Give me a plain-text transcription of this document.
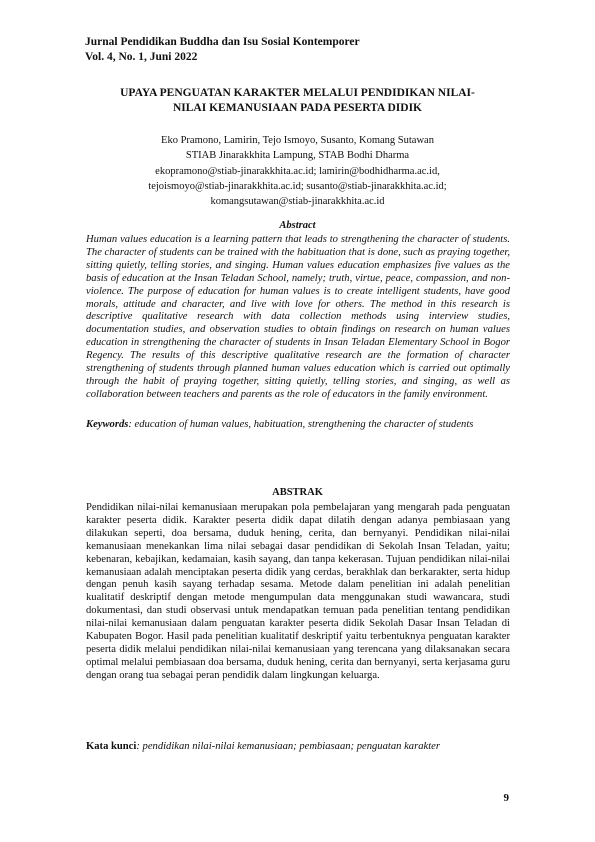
Jurnal Pendidikan Buddha dan Isu Sosial Kontemporer
Vol. 4, No. 1, Juni 2022
UPAYA PENGUATAN KARAKTER MELALUI PENDIDIKAN NILAI-
NILAI KEMANUSIAAN PADA PESERTA DIDIK
Eko Pramono, Lamirin, Tejo Ismoyo, Susanto, Komang Sutawan
STIAB Jinarakkhita Lampung, STAB Bodhi Dharma
ekopramono@stiab-jinarakkhita.ac.id; lamirin@bodhidharma.ac.id,
tejoismoyo@stiab-jinarakkhita.ac.id; susanto@stiab-jinarakkhita.ac.id;
komangsutawan@stiab-jinarakkhita.ac.id
Abstract
Human values education is a learning pattern that leads to strengthening the character of students. The character of students can be trained with the habituation that is done, such as praying together, sitting quietly, telling stories, and singing. Human values education emphasizes five values as the basis of education at the Insan Teladan School, namely; truth, virtue, peace, compassion, and non-violence. The purpose of education for human values is to create intelligent students, have good morals, attitude and character, and live with love for others. The method in this research is descriptive qualitative research with data collection methods using interview studies, documentation studies, and observation studies to obtain findings on research on human values education in strengthening the character of students in Insan Teladan Elementary School in Bogor Regency. The results of this descriptive qualitative research are the formation of character strengthening of students through planned human values education which is carried out optimally through the habit of praying together, sitting quietly, telling stories, and singing, as well as collaboration between teachers and parents as the role of educators in the family environment.
Keywords: education of human values, habituation, strengthening the character of students
ABSTRAK
Pendidikan nilai-nilai kemanusiaan merupakan pola pembelajaran yang mengarah pada penguatan karakter peserta didik. Karakter peserta didik dapat dilatih dengan adanya pembiasaan yang dilakukan seperti, doa bersama, duduk hening, cerita, dan bernyanyi. Pendidikan nilai-nilai kemanusiaan menekankan lima nilai sebagai dasar pendidikan di Sekolah Insan Teladan, yaitu; kebenaran, kebajikan, kedamaian, kasih sayang, dan tanpa kekerasan. Tujuan pendidikan nilai-nilai kemanusiaan adalah menciptakan peserta didik yang cerdas, berakhlak dan berkarakter, serta hidup dengan penuh kasih sayang terhadap sesama. Metode dalam penelitian ini adalah penelitian kualitatif deskriptif dengan metode mengumpulan data menggunakan studi wawancara, studi dokumentasi, dan studi observasi untuk mendapatkan temuan pada penelitian tentang pendidikan nilai-nilai kemanusiaan dalam penguatan karakter peserta didik Sekolah Dasar Insan Teladan di Kabupaten Bogor. Hasil pada penelitian kualitatif deskriptif yaitu terbentuknya penguatan karakter peserta didik melalui pendidikan nilai-nilai kemanusiaan yang terencana yang dilaksanakan secara optimal melalui pembiasaan doa bersama, duduk hening, cerita dan bernyanyi, serta kerjasama guru dengan orang tua sebagai peran pendidik dalam lingkungan keluarga.
Kata kunci: pendidikan nilai-nilai kemanusiaan; pembiasaan; penguatan karakter
9
